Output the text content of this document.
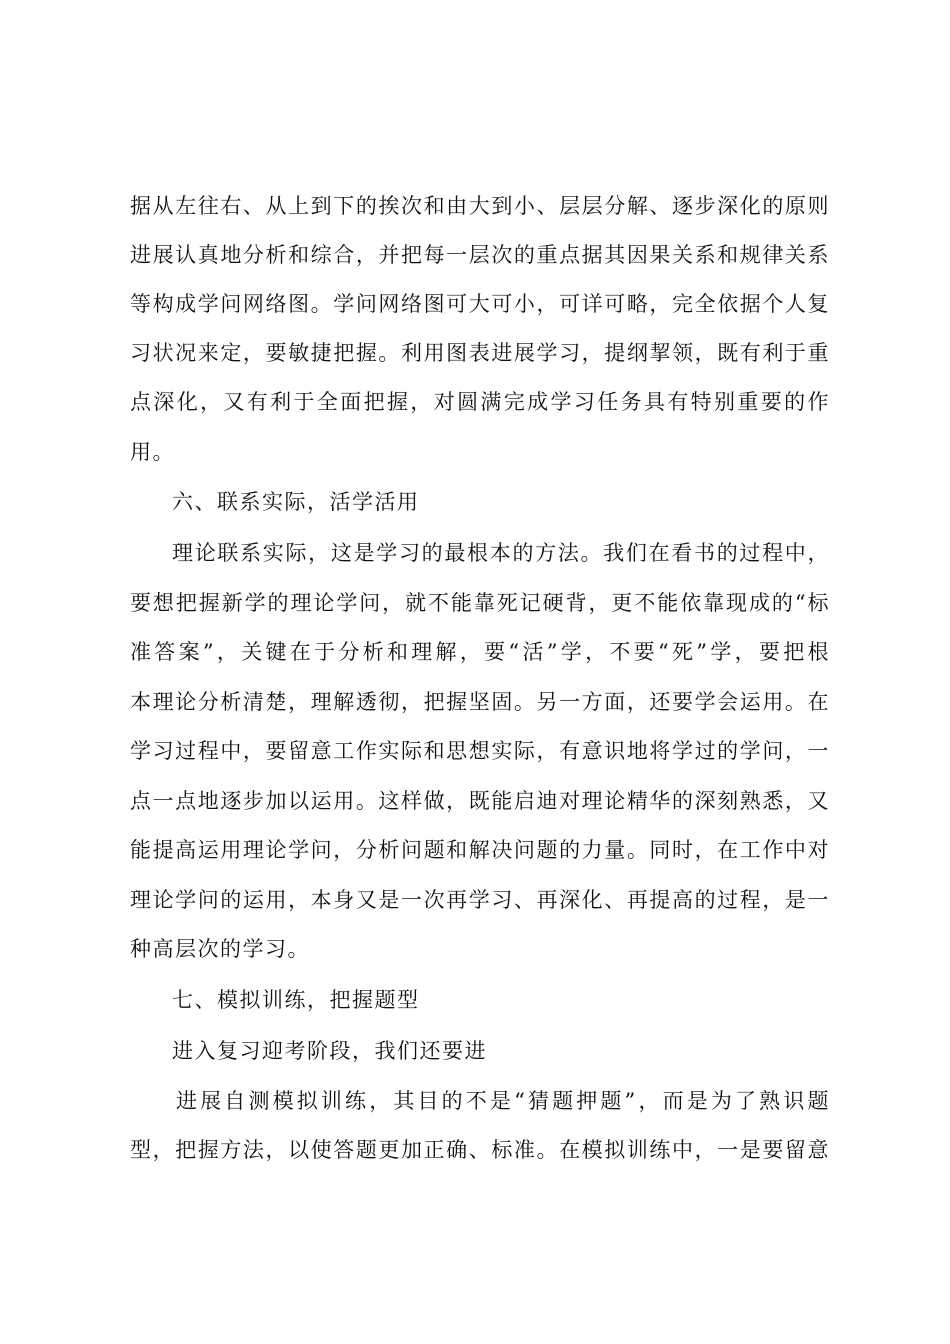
据从左往右、从上到下的挨次和由大到小、层层分解、逐步深化的原则
进展认真地分析和综合，并把每一层次的重点据其因果关系和规律关系
等构成学问网络图。学问网络图可大可小，可详可略，完全依据个人复
习状况来定，要敏捷把握。利用图表进展学习，提纲挈领，既有利于重
点深化，又有利于全面把握，对圆满完成学习任务具有特别重要的作
用。
六、联系实际，活学活用
理论联系实际，这是学习的最根本的方法。我们在看书的过程中，
要想把握新学的理论学问，就不能靠死记硬背，更不能依靠现成的“标
准答案”，关键在于分析和理解，要“活”学，不要“死”学，要把根
本理论分析清楚，理解透彻，把握坚固。另一方面，还要学会运用。在
学习过程中，要留意工作实际和思想实际，有意识地将学过的学问，一
点一点地逐步加以运用。这样做，既能启迪对理论精华的深刻熟悉，又
能提高运用理论学问，分析问题和解决问题的力量。同时，在工作中对
理论学问的运用，本身又是一次再学习、再深化、再提高的过程，是一
种高层次的学习。
七、模拟训练，把握题型
进入复习迎考阶段，我们还要进
进展自测模拟训练，其目的不是“猜题押题”，而是为了熟识题
型，把握方法，以使答题更加正确、标准。在模拟训练中，一是要留意
